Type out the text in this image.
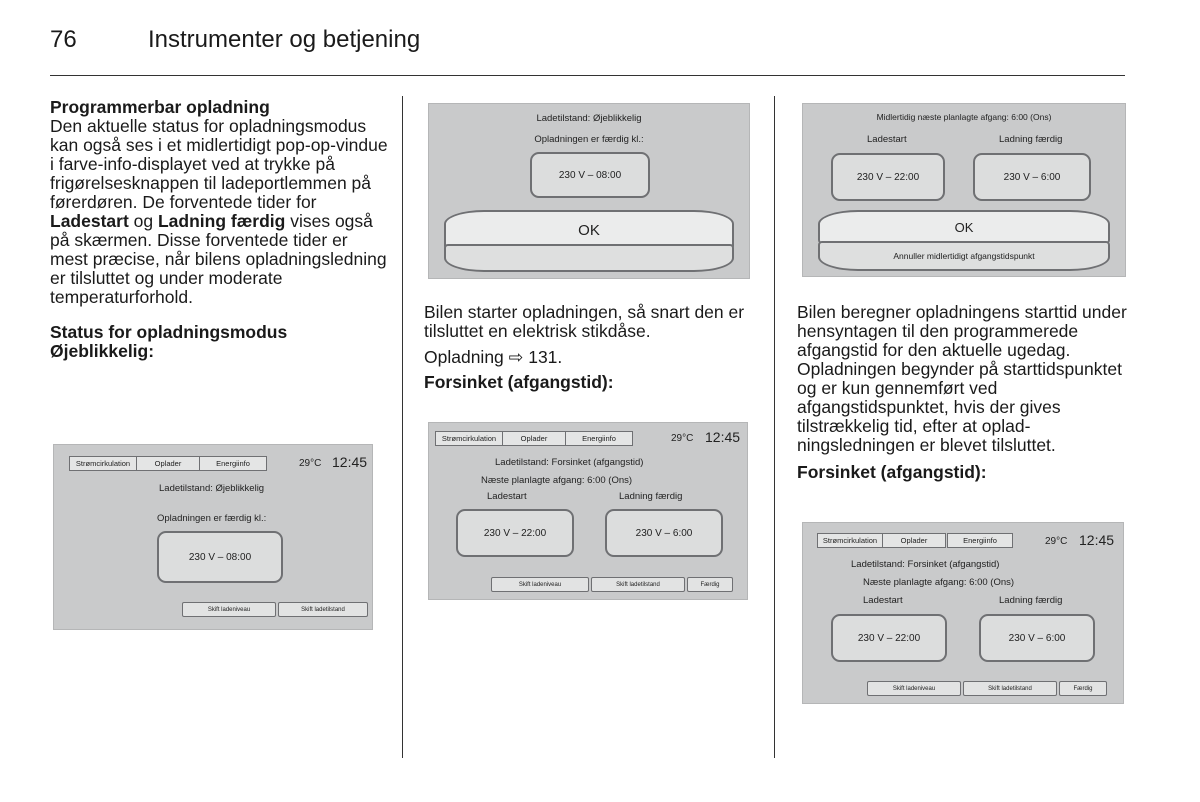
76	Instrumenter og betjening

Programmerbar opladning

Den aktuelle status for opladningsmodus kan også ses i et midlertidigt pop-op-vindue i farve-info-displayet ved at trykke på frigørelsesknappen til ladeportlemmen på førerdøren. De forventede tider for Ladestart og Ladning færdig vises også på skærmen. Disse forventede tider er mest præcise, når bilens opladningsledning er tilsluttet og under moderate temperaturforhold.

Status for opladningsmodus
Øjeblikkelig:

Strømcirkulation	Oplader	Energiinfo	29°C 12:45
Ladetilstand: Øjeblikkelig
Opladningen er færdig kl.:
230 V – 08:00
Skift ladeniveau	Skift ladetilstand
Ladetilstand: Øjeblikkelig
Opladningen er færdig kl.:
230 V – 08:00
OK

Bilen starter opladningen, så snart den er tilsluttet en elektrisk stikdåse.

Opladning ⇨ 131.

Forsinket (afgangstid):

Strømcirkulation	Oplader	Energiinfo	29°C 12:45
Ladetilstand: Forsinket (afgangstid)
Næste planlagte afgang: 6:00 (Ons)
Ladestart	Ladning færdig
230 V – 22:00	230 V – 6:00
Skift ladeniveau	Skift ladetilstand	Færdig
Midlertidig næste planlagte afgang: 6:00 (Ons)
Ladestart	Ladning færdig
230 V – 22:00	230 V – 6:00
OK
Annuller midlertidigt afgangstidspunkt

Bilen beregner opladningens starttid under hensyntagen til den programmerede afgangstid for den aktuelle ugedag. Opladningen begynder på starttidspunktet og er kun gennemført ved afgangstidspunktet, hvis der gives tilstrækkelig tid, efter at opladningsledningen er blevet tilsluttet.

Forsinket (afgangstid):

Strømcirkulation	Oplader	Energiinfo	29°C 12:45
Ladetilstand: Forsinket (afgangstid)
Næste planlagte afgang: 6:00 (Ons)
Ladestart	Ladning færdig
230 V – 22:00	230 V – 6:00
Skift ladeniveau	Skift ladetilstand	Færdig
